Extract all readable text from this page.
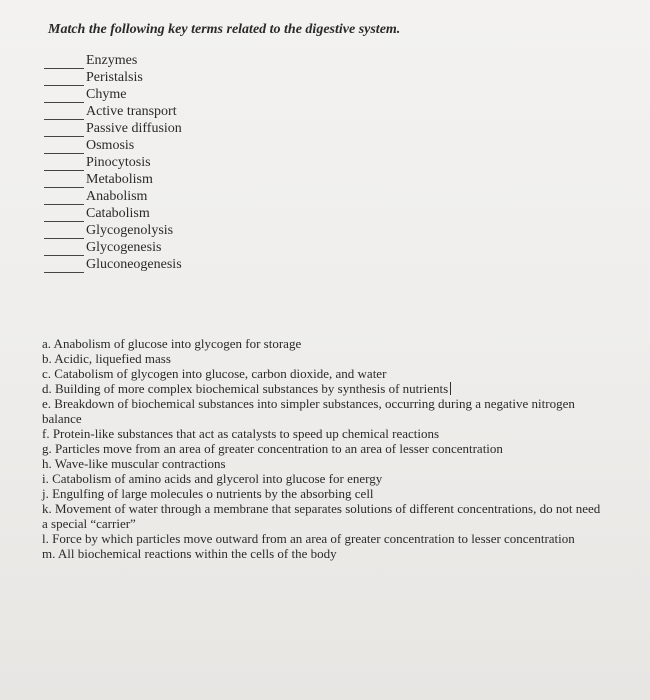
Match the following key terms related to the digestive system.

Enzymes
Peristalsis
Chyme
Active transport
Passive diffusion
Osmosis
Pinocytosis
Metabolism
Anabolism
Catabolism
Glycogenolysis
Glycogenesis
Gluconeogenesis
a. Anabolism of glucose into glycogen for storage
b. Acidic, liquefied mass
c. Catabolism of glycogen into glucose, carbon dioxide, and water
d. Building of more complex biochemical substances by synthesis of nutrients
e. Breakdown of biochemical substances into simpler substances, occurring during a negative nitrogen balance
f. Protein-like substances that act as catalysts to speed up chemical reactions
g. Particles move from an area of greater concentration to an area of lesser concentration
h. Wave-like muscular contractions
i. Catabolism of amino acids and glycerol into glucose for energy
j. Engulfing of large molecules o nutrients by the absorbing cell
k. Movement of water through a membrane that separates solutions of different concentrations, do not need a special “carrier”
l. Force by which particles move outward from an area of greater concentration to lesser concentration
m. All biochemical reactions within the cells of the body
